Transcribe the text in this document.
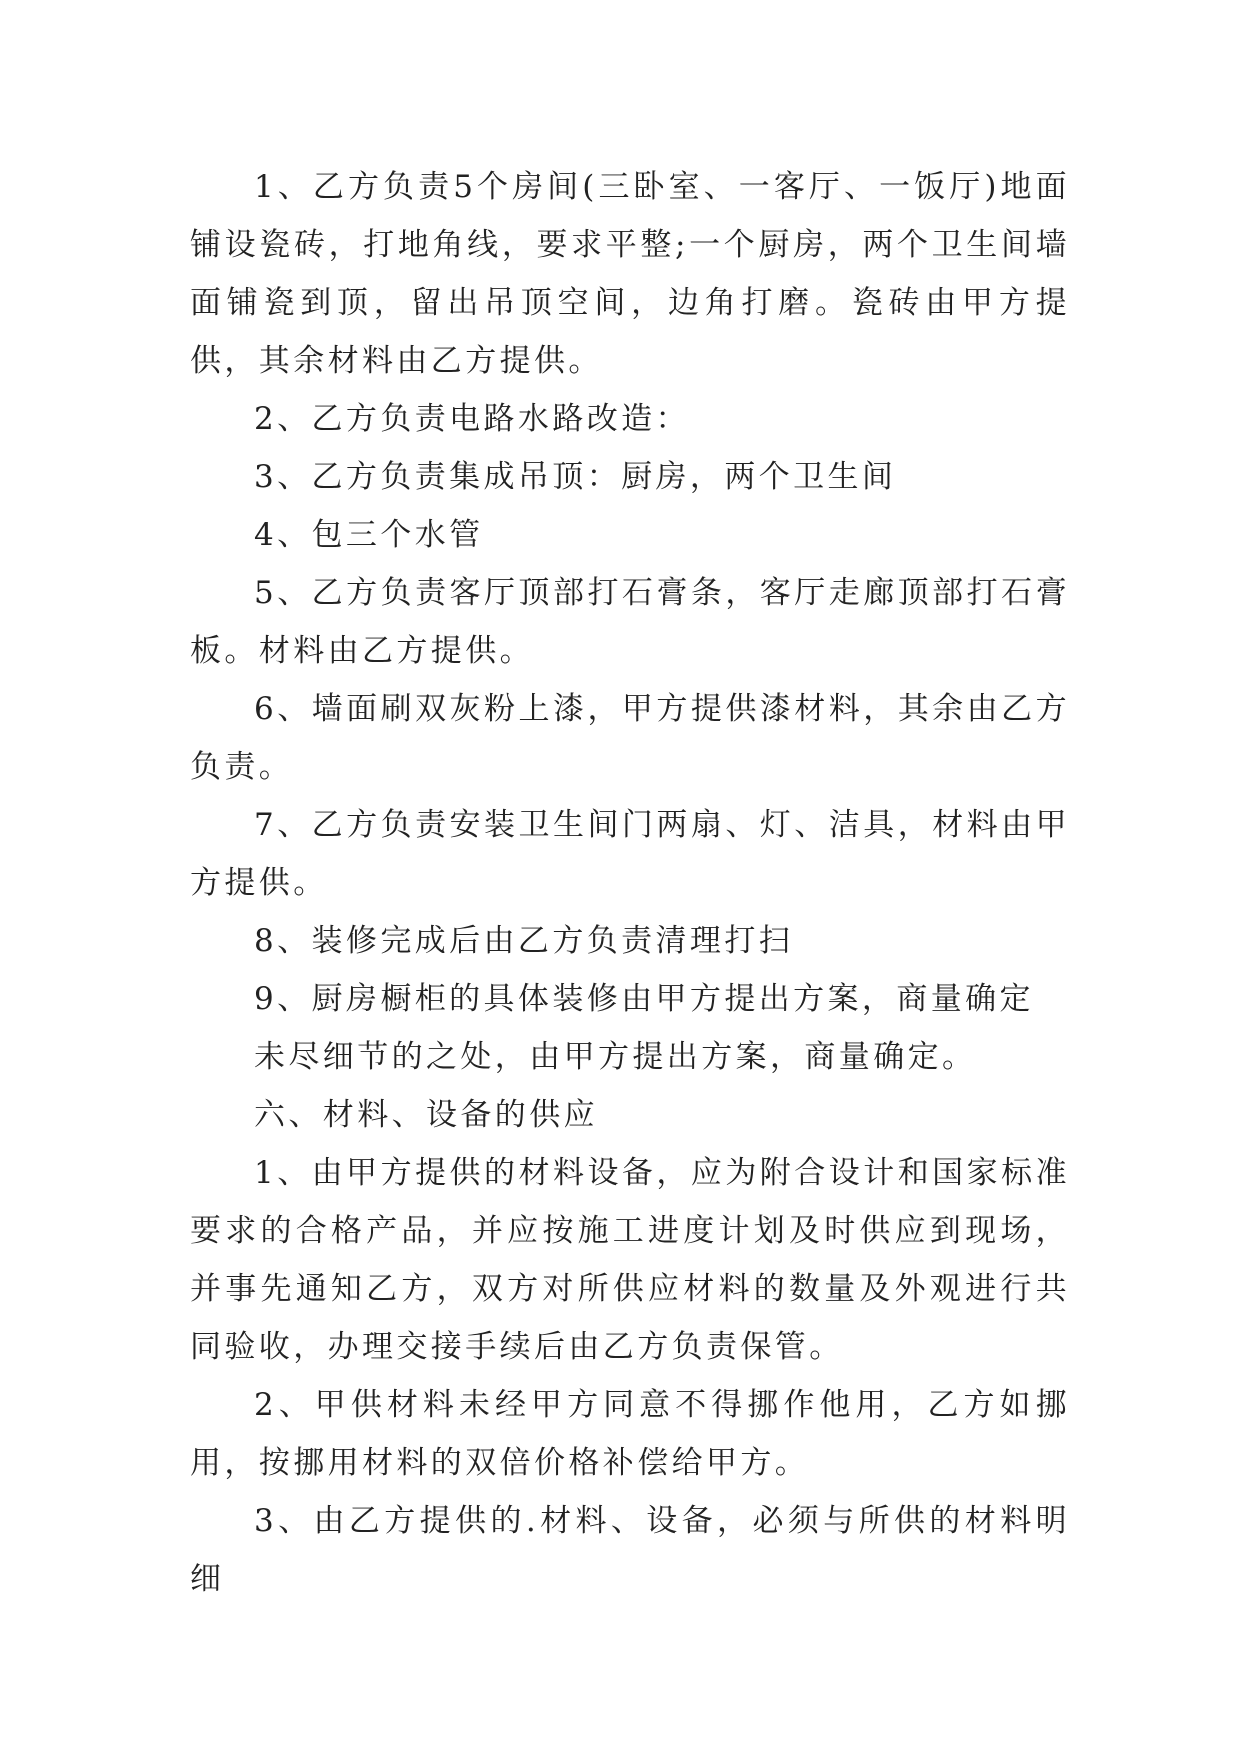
1、乙方负责5个房间(三卧室、一客厅、一饭厅)地面铺设瓷砖，打地角线，要求平整;一个厨房，两个卫生间墙面铺瓷到顶，留出吊顶空间，边角打磨。瓷砖由甲方提供，其余材料由乙方提供。

2、乙方负责电路水路改造：

3、乙方负责集成吊顶：厨房，两个卫生间

4、包三个水管

5、乙方负责客厅顶部打石膏条，客厅走廊顶部打石膏板。材料由乙方提供。

6、墙面刷双灰粉上漆，甲方提供漆材料，其余由乙方负责。

7、乙方负责安装卫生间门两扇、灯、洁具，材料由甲方提供。

8、装修完成后由乙方负责清理打扫

9、厨房橱柜的具体装修由甲方提出方案，商量确定

未尽细节的之处，由甲方提出方案，商量确定。

六、材料、设备的供应

1、由甲方提供的材料设备，应为附合设计和国家标准要求的合格产品，并应按施工进度计划及时供应到现场，并事先通知乙方，双方对所供应材料的数量及外观进行共同验收，办理交接手续后由乙方负责保管。

2、甲供材料未经甲方同意不得挪作他用，乙方如挪用，按挪用材料的双倍价格补偿给甲方。

3、由乙方提供的.材料、设备，必须与所供的材料明细
